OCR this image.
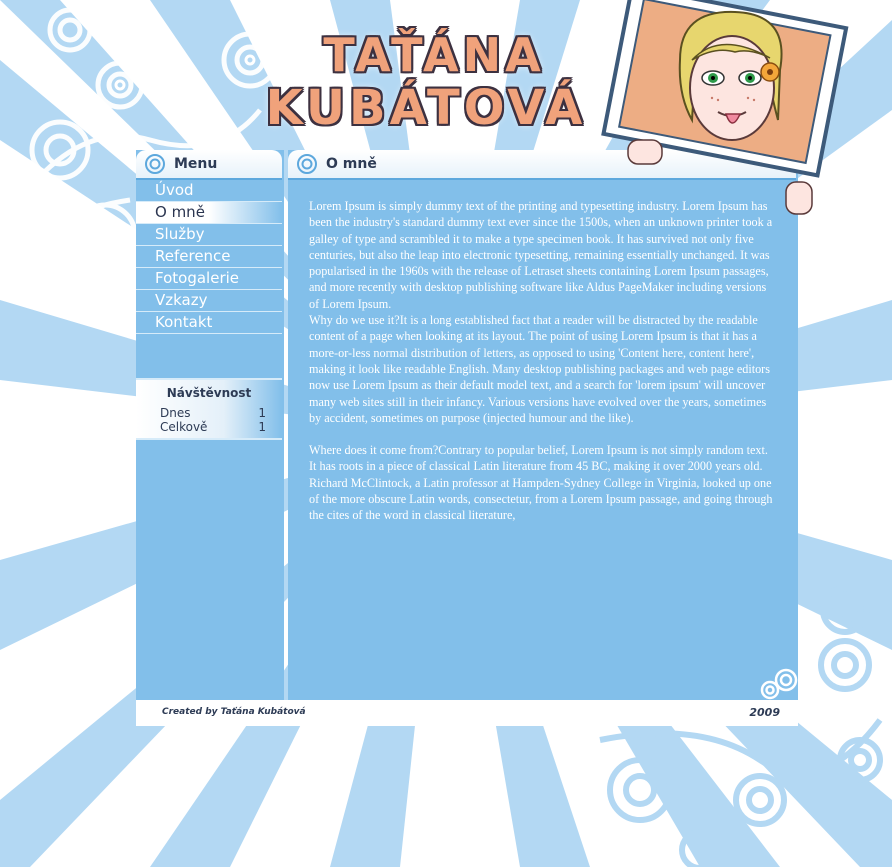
TAŤÁNA
KUBÁTOVÁ
Menu
Úvod
O mně
Služby
Reference
Fotogalerie
Vzkazy
Kontakt
Návštěvnost
Dnes	1
Celkově	1
O mně

Lorem Ipsum is simply dummy text of the printing and typesetting industry. Lorem Ipsum has been the industry's standard dummy text ever since the 1500s, when an unknown printer took a galley of type and scrambled it to make a type specimen book. It has survived not only five centuries, but also the leap into electronic typesetting, remaining essentially unchanged. It was popularised in the 1960s with the release of Letraset sheets containing Lorem Ipsum passages, and more recently with desktop publishing software like Aldus PageMaker including versions of Lorem Ipsum.

Why do we use it?It is a long established fact that a reader will be distracted by the readable content of a page when looking at its layout. The point of using Lorem Ipsum is that it has a more-or-less normal distribution of letters, as opposed to using 'Content here, content here', making it look like readable English. Many desktop publishing packages and web page editors now use Lorem Ipsum as their default model text, and a search for 'lorem ipsum' will uncover many web sites still in their infancy. Various versions have evolved over the years, sometimes by accident, sometimes on purpose (injected humour and the like).

Where does it come from?Contrary to popular belief, Lorem Ipsum is not simply random text. It has roots in a piece of classical Latin literature from 45 BC, making it over 2000 years old. Richard McClintock, a Latin professor at Hampden-Sydney College in Virginia, looked up one of the more obscure Latin words, consectetur, from a Lorem Ipsum passage, and going through the cites of the word in classical literature,

Created by Taťána Kubátová	2009
